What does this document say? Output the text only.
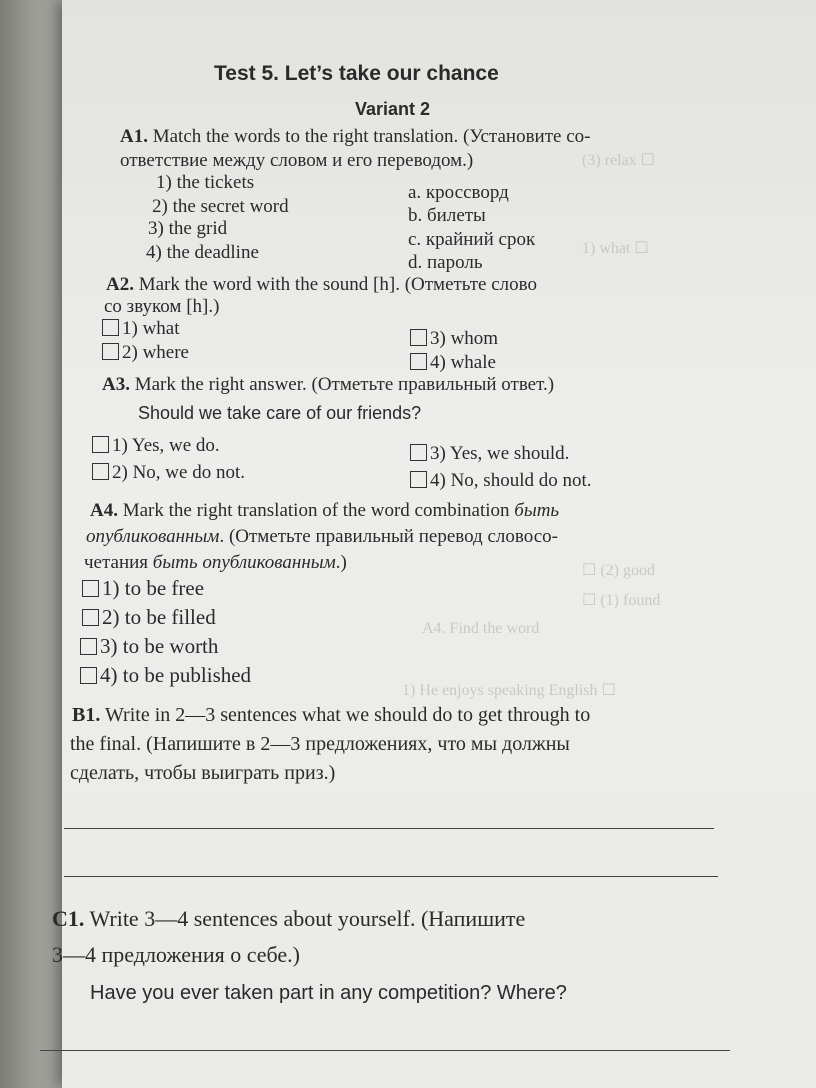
(3) relax ☐
1) what ☐
☐ (2) good
☐ (1) found
A4. Find the word
1) He enjoys speaking English ☐
Test 5. Let’s take our chance
Variant 2
A1. Match the words to the right translation. (Установите со-
ответствие между словом и его переводом.)
1) the tickets
2) the secret word
3) the grid
4) the deadline
a. кроссворд
b. билеты
c. крайний срок
d. пароль
A2. Mark the word with the sound [h]. (Отметьте слово
со звуком [h].)
1) what
2) where
3) whom
4) whale
A3. Mark the right answer. (Отметьте правильный ответ.)
Should we take care of our friends?
1) Yes, we do.
2) No, we do not.
3) Yes, we should.
4) No, should do not.
A4. Mark the right translation of the word combination быть
опубликованным. (Отметьте правильный перевод словосо-
четания быть опубликованным.)
1) to be free
2) to be filled
3) to be worth
4) to be published
B1. Write in 2—3 sentences what we should do to get through to
the final. (Напишите в 2—3 предложениях, что мы должны
сделать, чтобы выиграть приз.)
C1. Write 3—4 sentences about yourself. (Напишите
3—4 предложения о себе.)
Have you ever taken part in any competition? Where?
